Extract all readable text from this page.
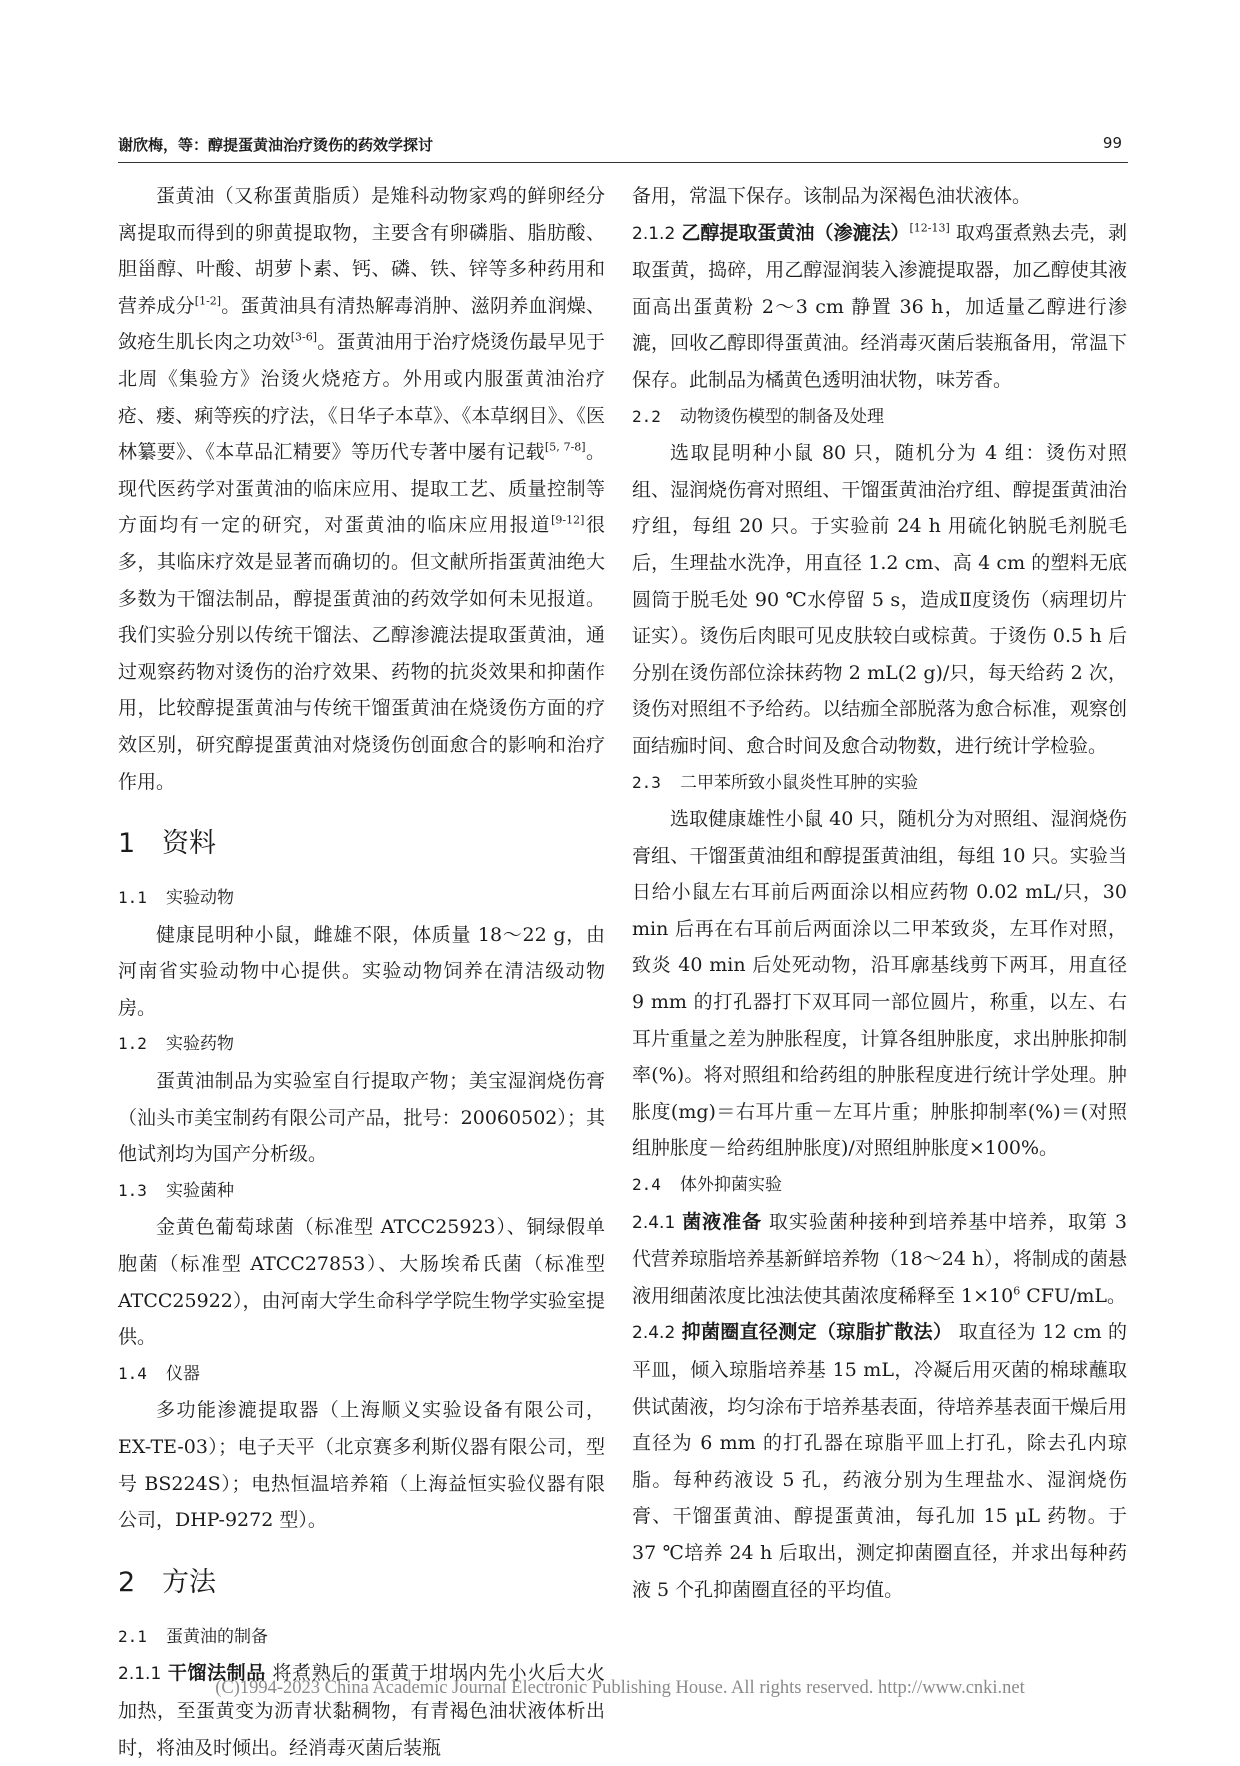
谢欣梅，等：醇提蛋黄油治疗烫伤的药效学探讨	99

蛋黄油（又称蛋黄脂质）是雉科动物家鸡的鲜卵经分离提取而得到的卵黄提取物，主要含有卵磷脂、脂肪酸、胆甾醇、叶酸、胡萝卜素、钙、磷、铁、锌等多种药用和营养成分[1-2]。蛋黄油具有清热解毒消肿、滋阴养血润燥、敛疮生肌长肉之功效[3-6]。蛋黄油用于治疗烧烫伤最早见于北周《集验方》治烫火烧疮方。外用或内服蛋黄油治疗疮、瘘、痢等疾的疗法，《日华子本草》、《本草纲目》、《医林纂要》、《本草品汇精要》等历代专著中屡有记载[5, 7-8]。现代医药学对蛋黄油的临床应用、提取工艺、质量控制等方面均有一定的研究，对蛋黄油的临床应用报道[9-12]很多，其临床疗效是显著而确切的。但文献所指蛋黄油绝大多数为干馏法制品，醇提蛋黄油的药效学如何未见报道。我们实验分别以传统干馏法、乙醇渗漉法提取蛋黄油，通过观察药物对烫伤的治疗效果、药物的抗炎效果和抑菌作用，比较醇提蛋黄油与传统干馏蛋黄油在烧烫伤方面的疗效区别，研究醇提蛋黄油对烧烫伤创面愈合的影响和治疗作用。

1 资料
1.1 实验动物

健康昆明种小鼠，雌雄不限，体质量 18～22 g，由河南省实验动物中心提供。实验动物饲养在清洁级动物房。

1.2 实验药物

蛋黄油制品为实验室自行提取产物；美宝湿润烧伤膏（汕头市美宝制药有限公司产品，批号：20060502）；其他试剂均为国产分析级。

1.3 实验菌种

金黄色葡萄球菌（标准型 ATCC25923）、铜绿假单胞菌（标准型 ATCC27853）、大肠埃希氏菌（标准型 ATCC25922），由河南大学生命科学学院生物学实验室提供。

1.4 仪器

多功能渗漉提取器（上海顺义实验设备有限公司，EX-TE-03）；电子天平（北京赛多利斯仪器有限公司，型号 BS224S）；电热恒温培养箱（上海益恒实验仪器有限公司，DHP-9272 型）。

2 方法
2.1 蛋黄油的制备

2.1.1 干馏法制品 将煮熟后的蛋黄于坩埚内先小火后大火加热，至蛋黄变为沥青状黏稠物，有青褐色油状液体析出时，将油及时倾出。经消毒灭菌后装瓶

备用，常温下保存。该制品为深褐色油状液体。

2.1.2 乙醇提取蛋黄油（渗漉法）[12-13] 取鸡蛋煮熟去壳，剥取蛋黄，捣碎，用乙醇湿润装入渗漉提取器，加乙醇使其液面高出蛋黄粉 2～3 cm 静置 36 h，加适量乙醇进行渗漉，回收乙醇即得蛋黄油。经消毒灭菌后装瓶备用，常温下保存。此制品为橘黄色透明油状物，味芳香。

2.2 动物烫伤模型的制备及处理

选取昆明种小鼠 80 只，随机分为 4 组：烫伤对照组、湿润烧伤膏对照组、干馏蛋黄油治疗组、醇提蛋黄油治疗组，每组 20 只。于实验前 24 h 用硫化钠脱毛剂脱毛后，生理盐水洗净，用直径 1.2 cm、高 4 cm 的塑料无底圆筒于脱毛处 90 ℃水停留 5 s，造成Ⅱ度烫伤（病理切片证实）。烫伤后肉眼可见皮肤较白或棕黄。于烫伤 0.5 h 后分别在烫伤部位涂抹药物 2 mL(2 g)/只，每天给药 2 次，烫伤对照组不予给药。以结痂全部脱落为愈合标准，观察创面结痂时间、愈合时间及愈合动物数，进行统计学检验。

2.3 二甲苯所致小鼠炎性耳肿的实验

选取健康雄性小鼠 40 只，随机分为对照组、湿润烧伤膏组、干馏蛋黄油组和醇提蛋黄油组，每组 10 只。实验当日给小鼠左右耳前后两面涂以相应药物 0.02 mL/只，30 min 后再在右耳前后两面涂以二甲苯致炎，左耳作对照，致炎 40 min 后处死动物，沿耳廓基线剪下两耳，用直径 9 mm 的打孔器打下双耳同一部位圆片，称重，以左、右耳片重量之差为肿胀程度，计算各组肿胀度，求出肿胀抑制率(%)。将对照组和给药组的肿胀程度进行统计学处理。肿胀度(mg)＝右耳片重－左耳片重；肿胀抑制率(%)＝(对照组肿胀度－给药组肿胀度)/对照组肿胀度×100%。

2.4 体外抑菌实验

2.4.1 菌液准备 取实验菌种接种到培养基中培养，取第 3 代营养琼脂培养基新鲜培养物（18～24 h），将制成的菌悬液用细菌浓度比浊法使其菌浓度稀释至 $1\times 10^6$ CFU/mL。

2.4.2 抑菌圈直径测定（琼脂扩散法） 取直径为 12 cm 的平皿，倾入琼脂培养基 15 mL，冷凝后用灭菌的棉球蘸取供试菌液，均匀涂布于培养基表面，待培养基表面干燥后用直径为 6 mm 的打孔器在琼脂平皿上打孔，除去孔内琼脂。每种药液设 5 孔，药液分别为生理盐水、湿润烧伤膏、干馏蛋黄油、醇提蛋黄油，每孔加 15 μL 药物。于 37 ℃培养 24 h 后取出，测定抑菌圈直径，并求出每种药液 5 个孔抑菌圈直径的平均值。

(C)1994-2023 China Academic Journal Electronic Publishing House. All rights reserved. http://www.cnki.net
